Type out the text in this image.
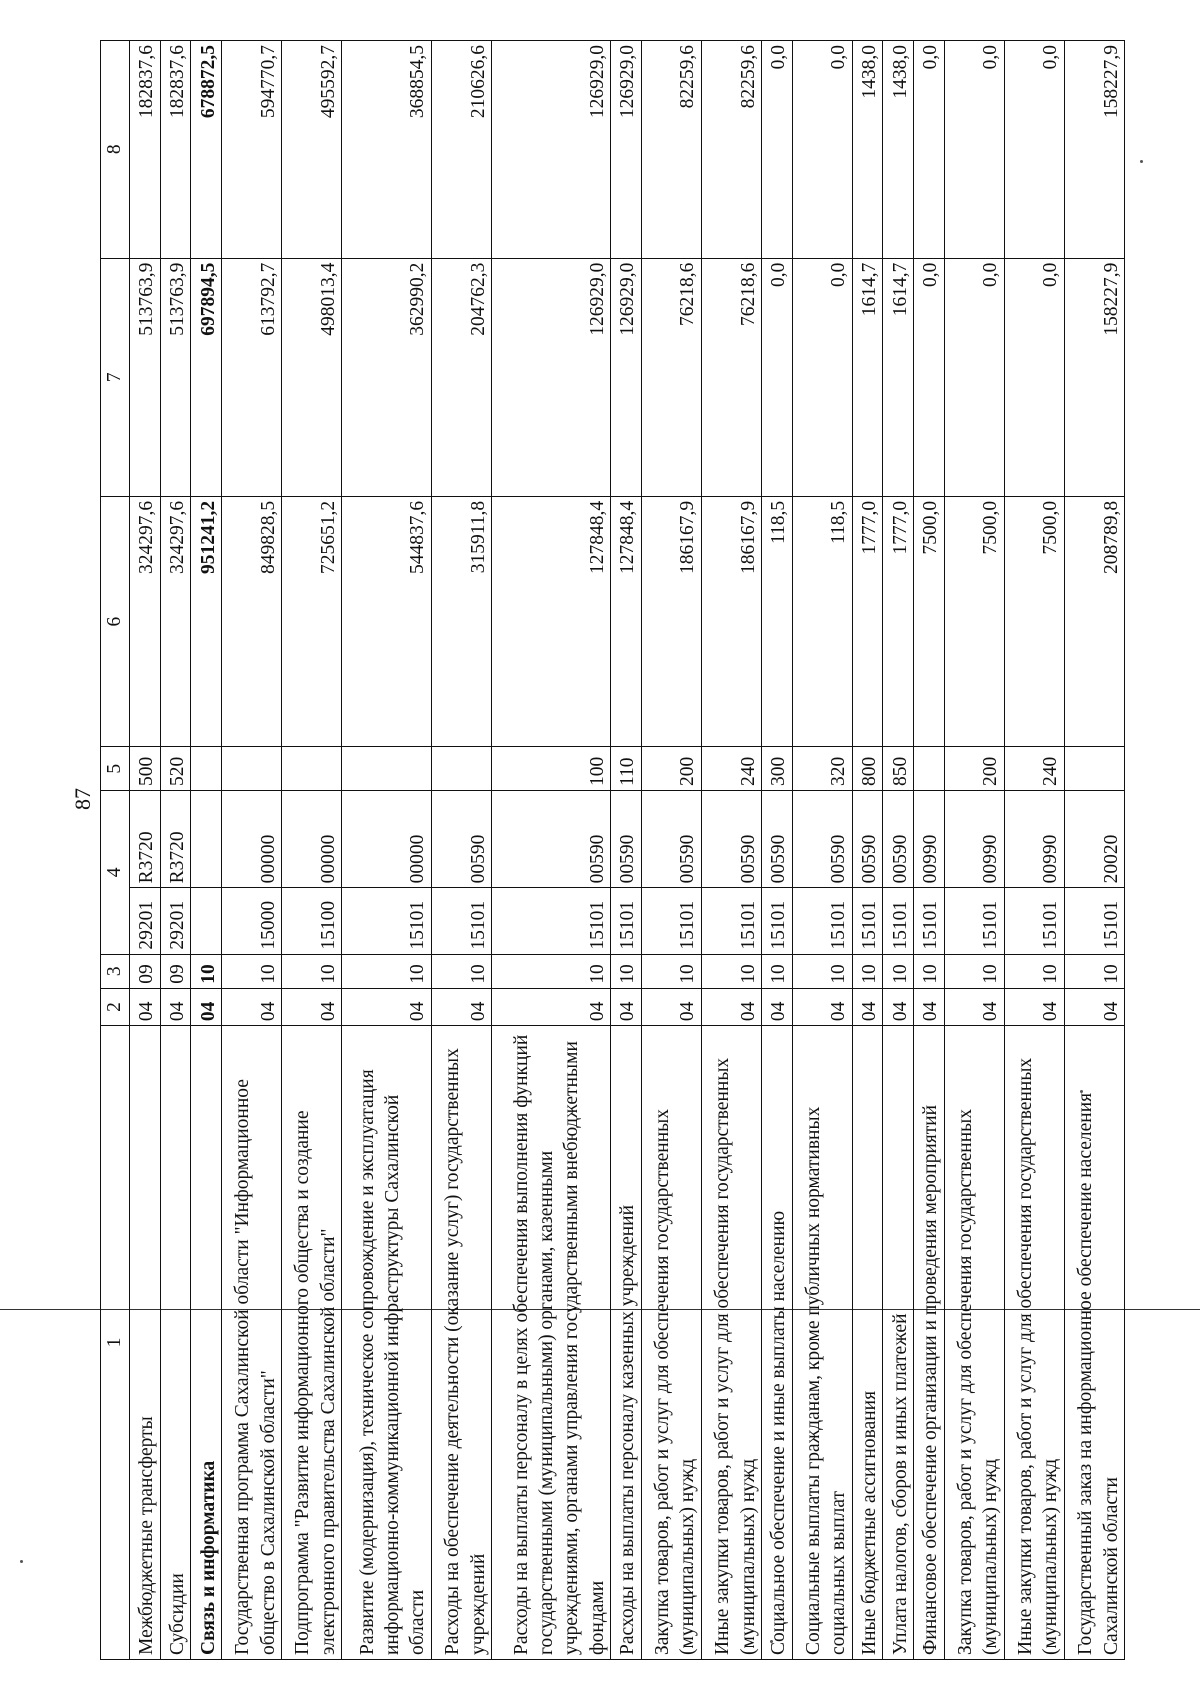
87
1	2	3	4		5	6	7	8
Межбюджетные трансферты	04	09	29201	R3720	500	324297,6	513763,9	182837,6
Субсидии	04	09	29201	R3720	520	324297,6	513763,9	182837,6
Связь и информатика	04	10				951241,2	697894,5	678872,5
Государственная программа Сахалинской области "Информационное общество в Сахалинской области"	04	10	15000	00000		849828,5	613792,7	594770,7
Подпрограмма "Развитие информационного общества и создание электронного правительства Сахалинской области"	04	10	15100	00000		725651,2	498013,4	495592,7
Развитие (модернизация), техническое сопровождение и эксплуатация информационно-коммуникационной инфраструктуры Сахалинской области	04	10	15101	00000		544837,6	362990,2	368854,5
Расходы на обеспечение деятельности (оказание услуг) государственных учреждений	04	10	15101	00590		315911,8	204762,3	210626,6
Расходы на выплаты персоналу в целях обеспечения выполнения функций государственными (муниципальными) органами, казенными учреждениями, органами управления государственными внебюджетными фондами	04	10	15101	00590	100	127848,4	126929,0	126929,0
Расходы на выплаты персоналу казенных учреждений	04	10	15101	00590	110	127848,4	126929,0	126929,0
Закупка товаров, работ и услуг для обеспечения государственных (муниципальных) нужд	04	10	15101	00590	200	186167,9	76218,6	82259,6
Иные закупки товаров, работ и услуг для обеспечения государственных (муниципальных) нужд	04	10	15101	00590	240	186167,9	76218,6	82259,6
Социальное обеспечение и иные выплаты населению	04	10	15101	00590	300	118,5	0,0	0,0
Социальные выплаты гражданам, кроме публичных нормативных социальных выплат	04	10	15101	00590	320	118,5	0,0	0,0
Иные бюджетные ассигнования	04	10	15101	00590	800	1777,0	1614,7	1438,0
Уплата налогов, сборов и иных платежей	04	10	15101	00590	850	1777,0	1614,7	1438,0
Финансовое обеспечение организации и проведения мероприятий	04	10	15101	00990		7500,0	0,0	0,0
Закупка товаров, работ и услуг для обеспечения государственных (муниципальных) нужд	04	10	15101	00990	200	7500,0	0,0	0,0
Иные закупки товаров, работ и услуг для обеспечения государственных (муниципальных) нужд	04	10	15101	00990	240	7500,0	0,0	0,0
Государственный заказ на информационное обеспечение населения Сахалинской области	04	10	15101	20020		208789,8	158227,9	158227,9
